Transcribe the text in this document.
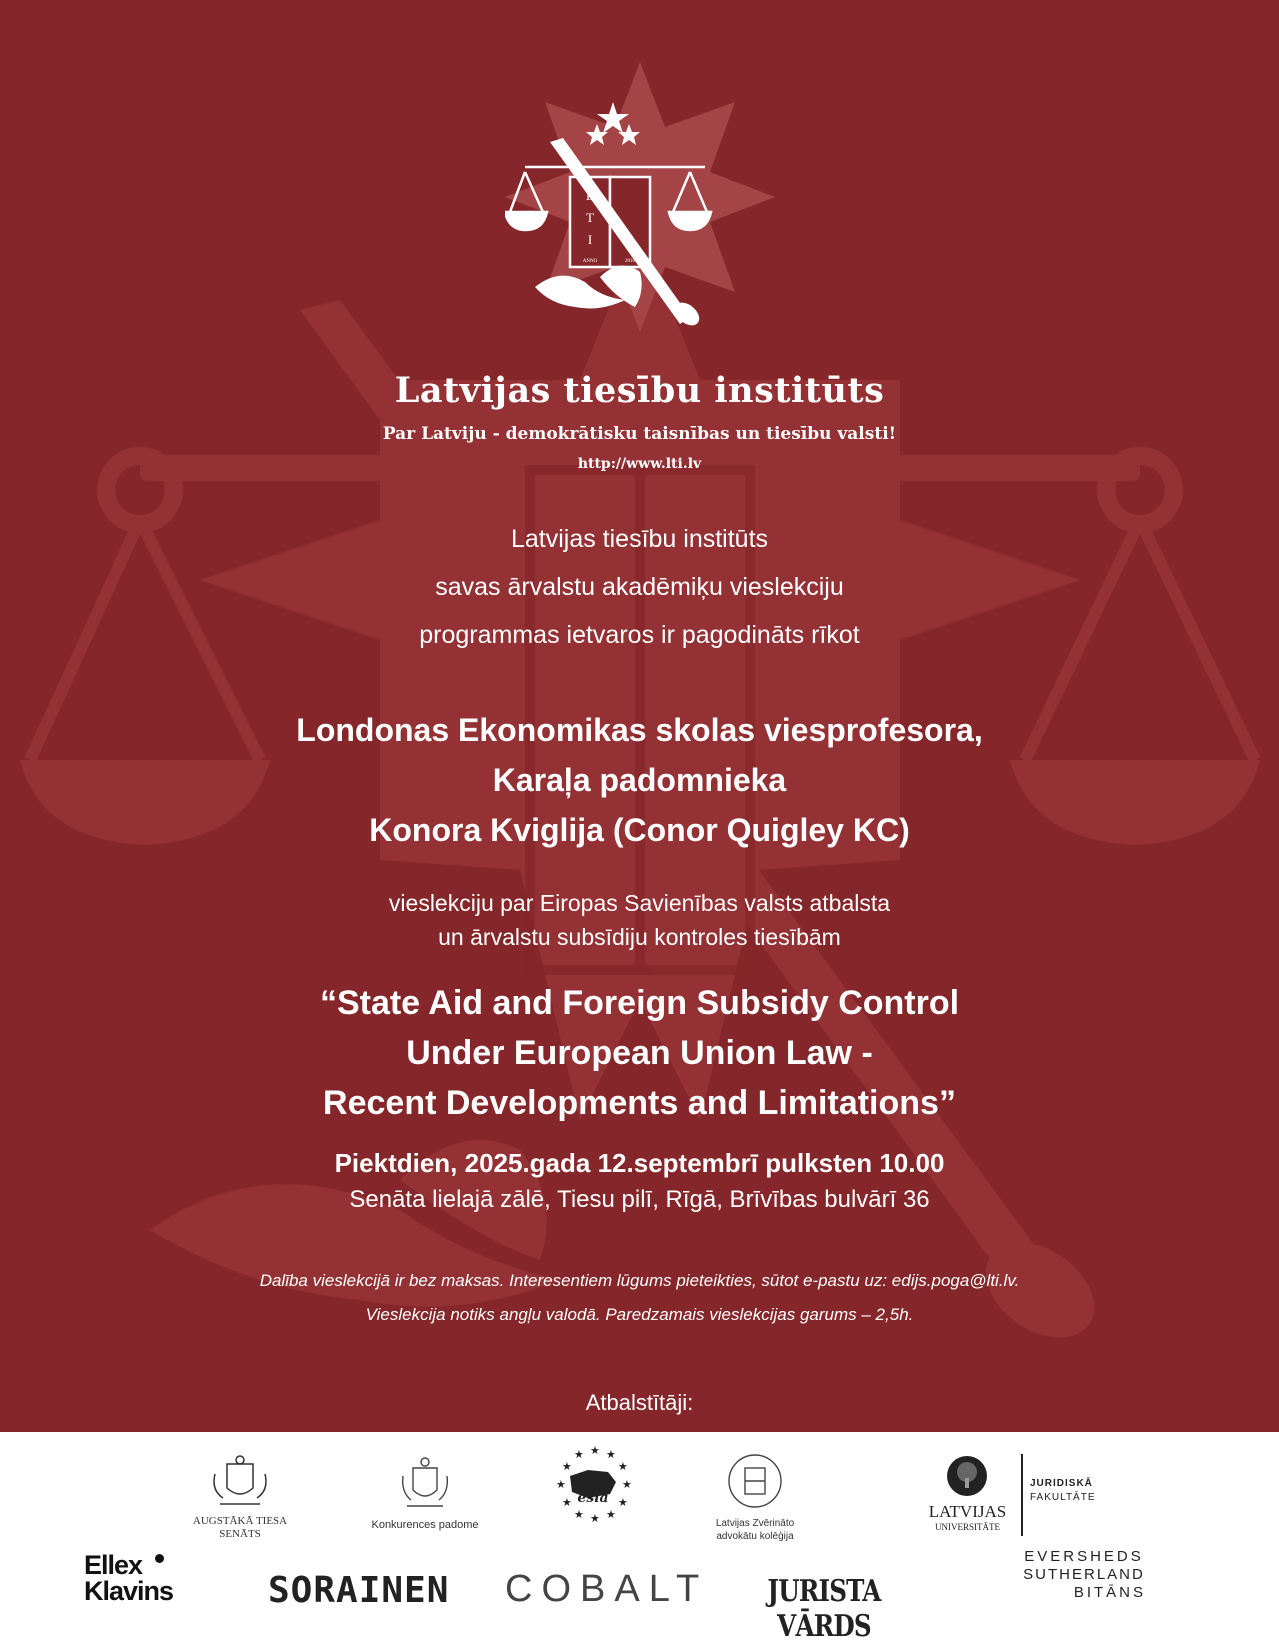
L
T
I
ANNO	2010
Latvijas tiesību institūts
Par Latviju - demokrātisku taisnības un tiesību valsti!
http://www.lti.lv
Latvijas tiesību institūts
savas ārvalstu akadēmiķu vieslekciju
programmas ietvaros ir pagodināts rīkot
Londonas Ekonomikas skolas viesprofesora,
Karaļa padomnieka
Konora Kviglija (Conor Quigley KC)
vieslekciju par Eiropas Savienības valsts atbalsta
un ārvalstu subsīdiju kontroles tiesībām
“State Aid and Foreign Subsidy Control
Under European Union Law -
Recent Developments and Limitations”
Piektdien, 2025.gada 12.septembrī pulksten 10.00
Senāta lielajā zālē, Tiesu pilī, Rīgā, Brīvības bulvārī 36
Dalība vieslekcijā ir bez maksas. Interesentiem lūgums pieteikties, sūtot e-pastu uz: edijs.poga@lti.lv.
Vieslekcija notiks angļu valodā. Paredzamais vieslekcijas garums – 2,5h.
Atbalstītāji:
AUGSTĀKĀ TIESA
SENĀTS
Konkurences padome
★ ★
★
★
★
★
★
★
★
★
★
★
esla
Latvijas Zvērināto
advokātu kolēģija
LATVIJAS
UNIVERSITĀTE
JURIDISKĀ
FAKULTĀTE
Ellex
Klavins	SORAINEN COBALT	JURISTA VĀRDS
EVERSHEDS
SUTHERLAND
BITĀNS
